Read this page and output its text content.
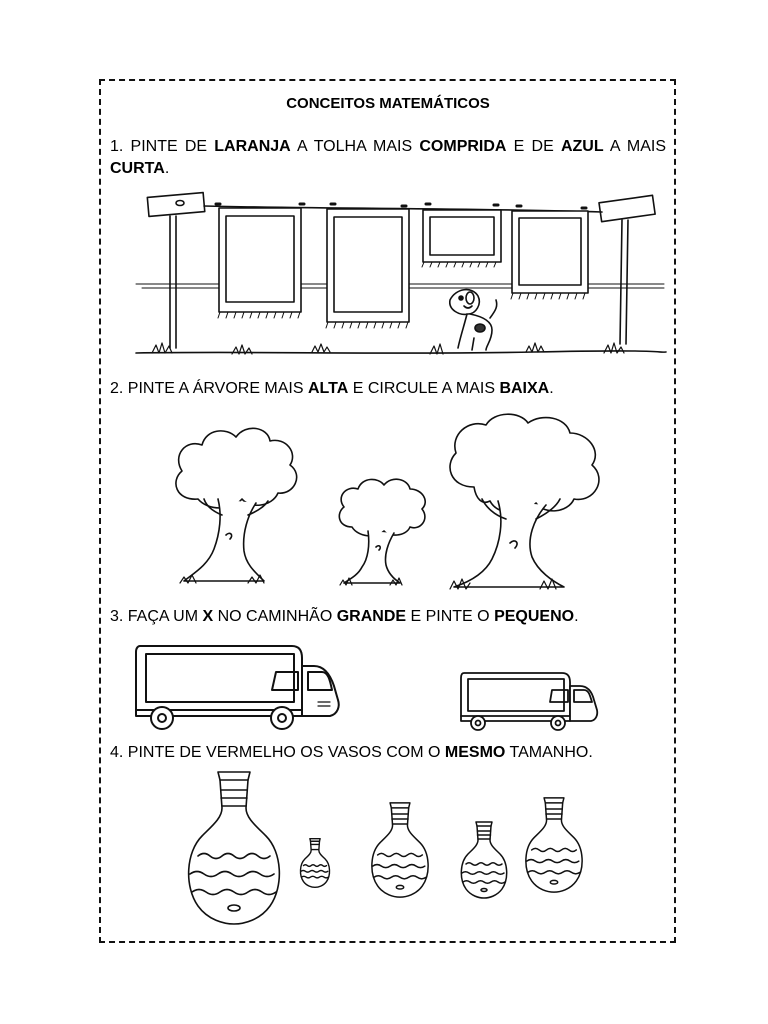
CONCEITOS MATEMÁTICOS
1. PINTE DE LARANJA A TOLHA MAIS COMPRIDA E DE AZUL A MAIS CURTA.
2. PINTE A ÁRVORE MAIS ALTA E CIRCULE A MAIS BAIXA.
3. FAÇA UM X NO CAMINHÃO GRANDE E PINTE O PEQUENO.
4. PINTE DE VERMELHO OS VASOS COM O MESMO TAMANHO.
